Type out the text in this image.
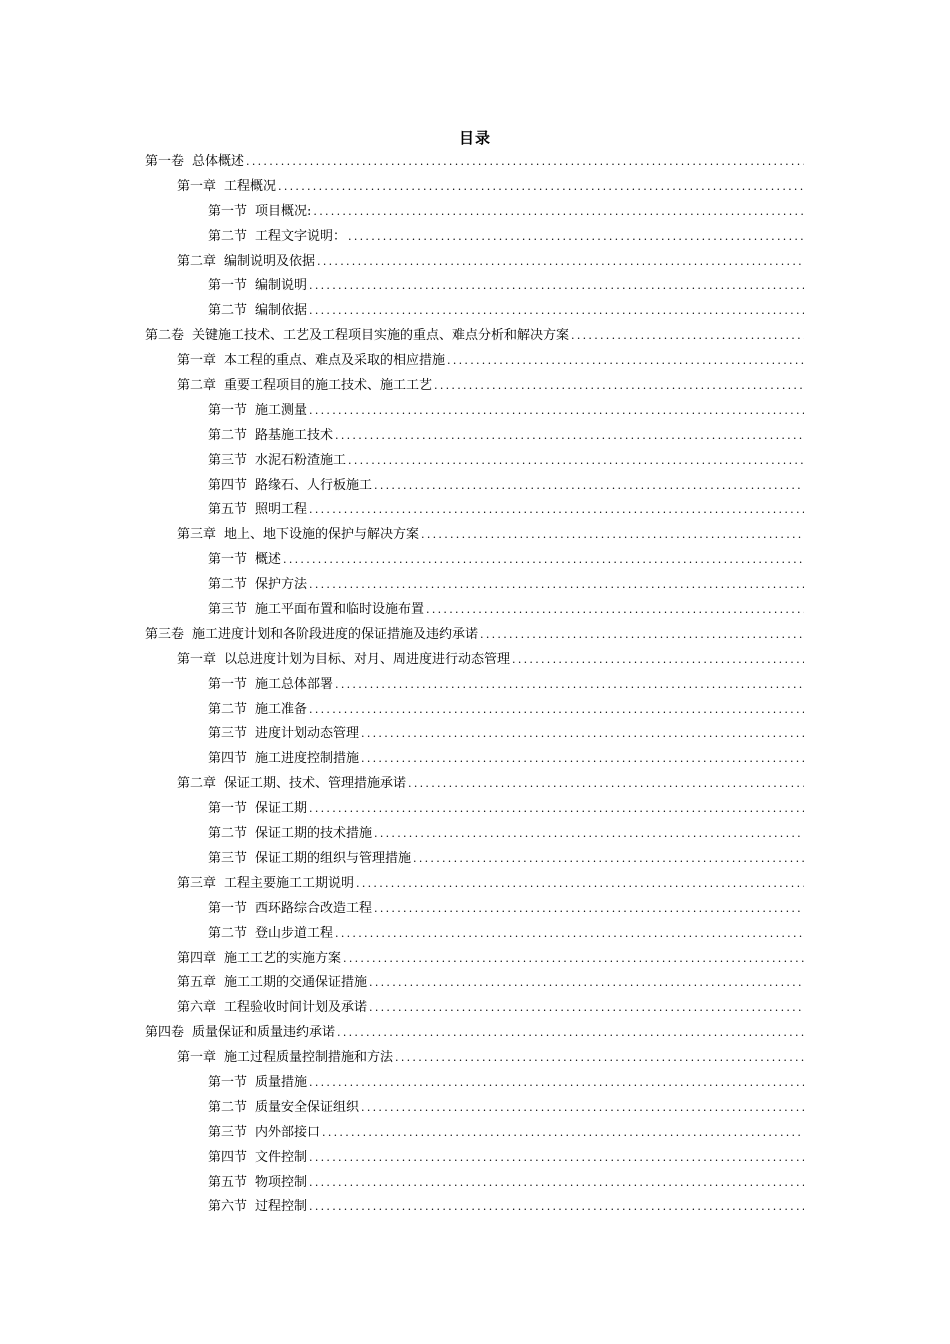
目录
第一卷 总体概述
.....
第一章 工程概况
.....
第一节 项目概况:
.....
第二节 工程文字说明：
.....
第二章 编制说明及依据
.....
第一节 编制说明
.....
第二节 编制依据
.....
第二卷 关键施工技术、工艺及工程项目实施的重点、难点分析和解决方案
.....
第一章 本工程的重点、难点及采取的相应措施
.....
第二章 重要工程项目的施工技术、施工工艺
.....
第一节 施工测量
.....
第二节 路基施工技术
.....
第三节 水泥石粉渣施工
.....
第四节 路缘石、人行板施工
.....
第五节 照明工程
.....
第三章 地上、地下设施的保护与解决方案
.....
第一节 概述
.....
第二节 保护方法
.....
第三节 施工平面布置和临时设施布置
.....
第三卷 施工进度计划和各阶段进度的保证措施及违约承诺
.....
第一章 以总进度计划为目标、对月、周进度进行动态管理
.....
第一节 施工总体部署
.....
第二节 施工准备
.....
第三节 进度计划动态管理
.....
第四节 施工进度控制措施
.....
第二章 保证工期、技术、管理措施承诺
.....
第一节 保证工期
.....
第二节 保证工期的技术措施
.....
第三节 保证工期的组织与管理措施
.....
第三章 工程主要施工工期说明
.....
第一节 西环路综合改造工程
.....
第二节 登山步道工程
.....
第四章 施工工艺的实施方案
.....
第五章 施工工期的交通保证措施
.....
第六章 工程验收时间计划及承诺
.....
第四卷 质量保证和质量违约承诺
.....
第一章 施工过程质量控制措施和方法
.....
第一节 质量措施
.....
第二节 质量安全保证组织
.....
第三节 内外部接口
.....
第四节 文件控制
.....
第五节 物项控制
.....
第六节 过程控制
.....
